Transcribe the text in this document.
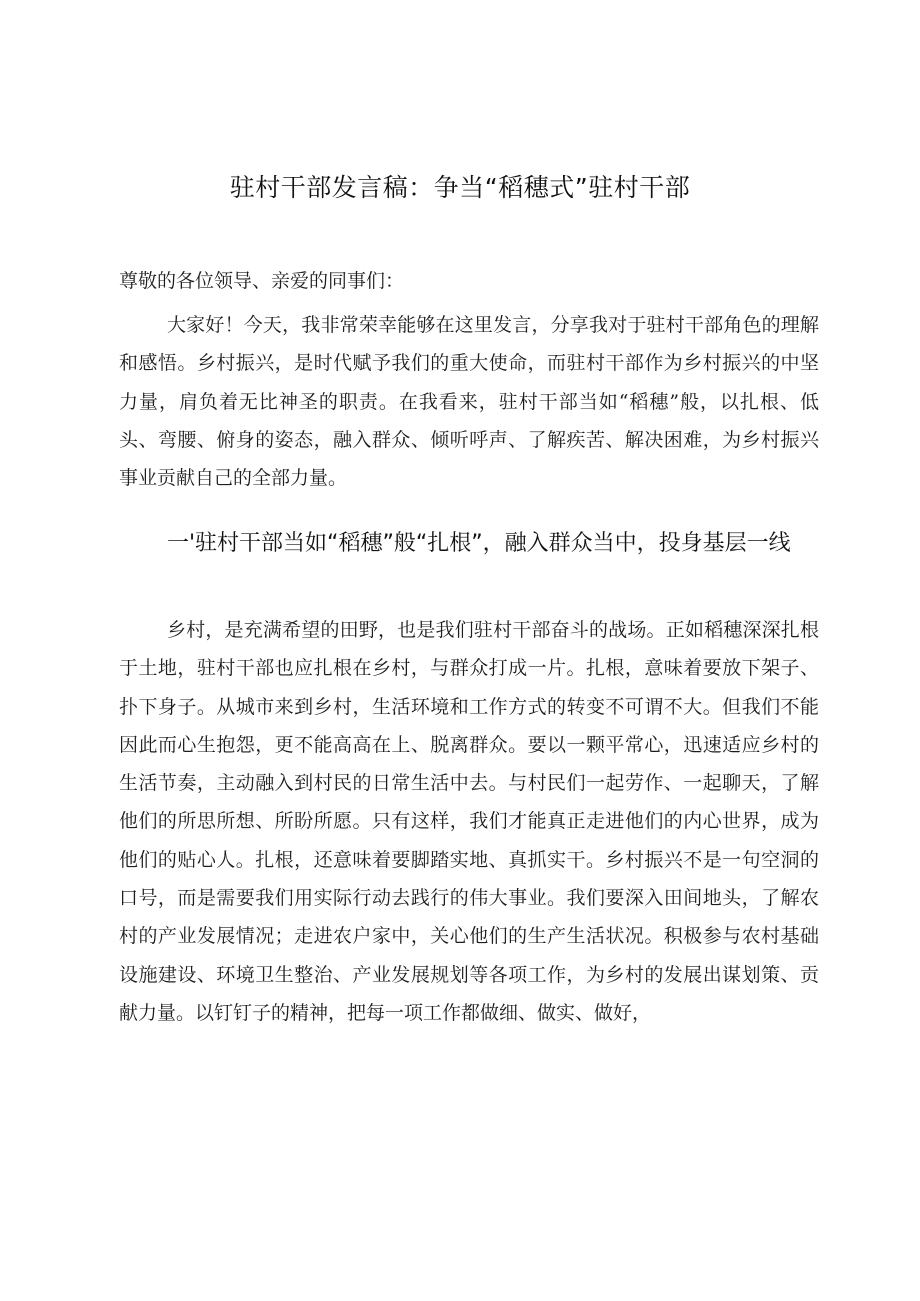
驻村干部发言稿：争当“稻穗式”驻村干部
尊敬的各位领导、亲爱的同事们：
大家好！今天，我非常荣幸能够在这里发言，分享我对于驻村干部角色的理解和感悟。乡村振兴，是时代赋予我们的重大使命，而驻村干部作为乡村振兴的中坚力量，肩负着无比神圣的职责。在我看来，驻村干部当如“稻穗”般，以扎根、低头、弯腰、俯身的姿态，融入群众、倾听呼声、了解疾苦、解决困难，为乡村振兴事业贡献自己的全部力量。
一'驻村干部当如“稻穗”般“扎根”，融入群众当中，投身基层一线
乡村，是充满希望的田野，也是我们驻村干部奋斗的战场。正如稻穗深深扎根于土地，驻村干部也应扎根在乡村，与群众打成一片。扎根，意味着要放下架子、扑下身子。从城市来到乡村，生活环境和工作方式的转变不可谓不大。但我们不能因此而心生抱怨，更不能高高在上、脱离群众。要以一颗平常心，迅速适应乡村的生活节奏，主动融入到村民的日常生活中去。与村民们一起劳作、一起聊天，了解他们的所思所想、所盼所愿。只有这样，我们才能真正走进他们的内心世界，成为他们的贴心人。扎根，还意味着要脚踏实地、真抓实干。乡村振兴不是一句空洞的口号，而是需要我们用实际行动去践行的伟大事业。我们要深入田间地头，了解农村的产业发展情况；走进农户家中，关心他们的生产生活状况。积极参与农村基础设施建设、环境卫生整治、产业发展规划等各项工作，为乡村的发展出谋划策、贡献力量。以钉钉子的精神，把每一项工作都做细、做实、做好，
